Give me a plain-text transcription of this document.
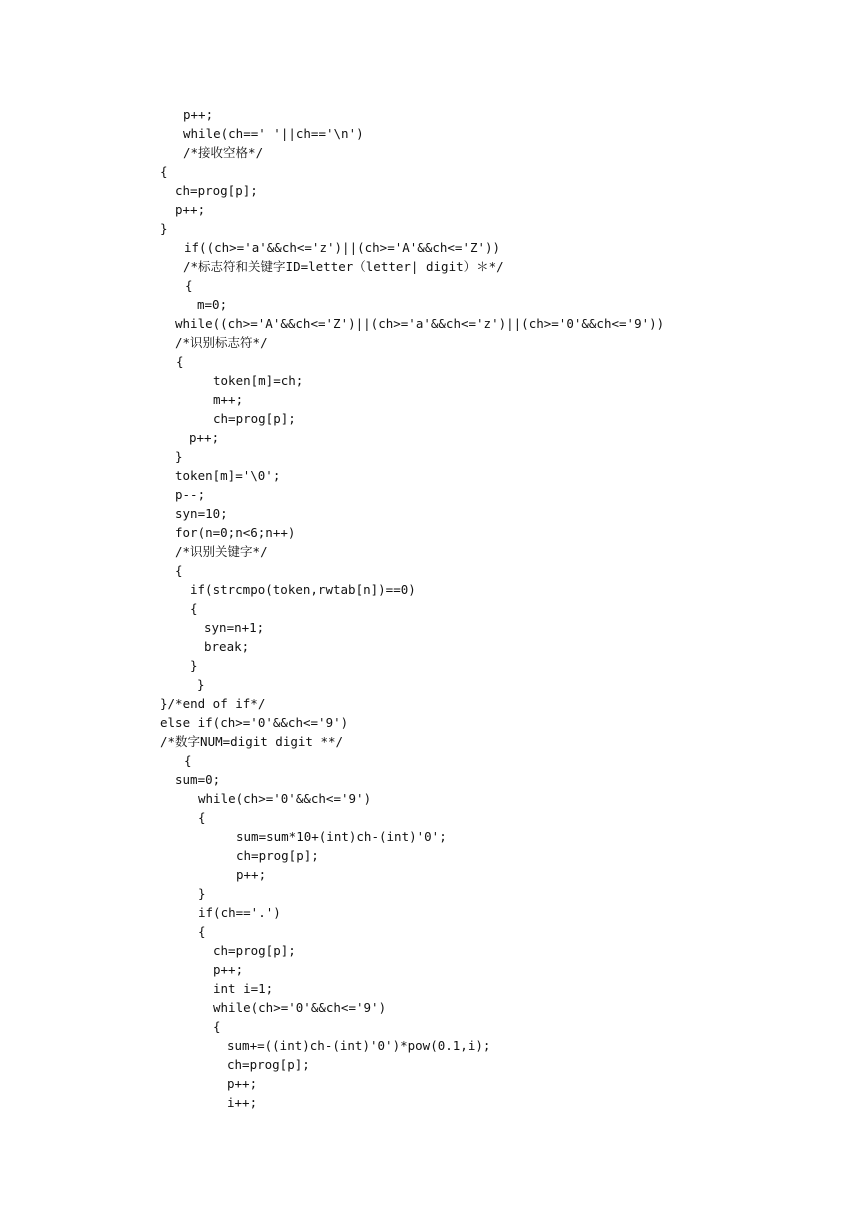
p++;
while(ch==' '||ch=='\n')
/*接收空格*/
{
ch=prog[p];
p++;
}
if((ch>='a'&&ch<='z')||(ch>='A'&&ch<='Z'))
/*标志符和关键字ID=letter（letter| digit）＊*/
{
m=0;
while((ch>='A'&&ch<='Z')||(ch>='a'&&ch<='z')||(ch>='0'&&ch<='9'))
/*识别标志符*/
{
token[m]=ch;
m++;
ch=prog[p];
p++;
}
token[m]='\0';
p--;
syn=10;
for(n=0;n<6;n++)
/*识别关键字*/
{
if(strcmpo(token,rwtab[n])==0)
{
syn=n+1;
break;
}
}
}/*end of if*/
else if(ch>='0'&&ch<='9')
/*数字NUM=digit digit **/
{
sum=0;
while(ch>='0'&&ch<='9')
{
sum=sum*10+(int)ch-(int)'0';
ch=prog[p];
p++;
}
if(ch=='.')
{
ch=prog[p];
p++;
int i=1;
while(ch>='0'&&ch<='9')
{
sum+=((int)ch-(int)'0')*pow(0.1,i);
ch=prog[p];
p++;
i++;
